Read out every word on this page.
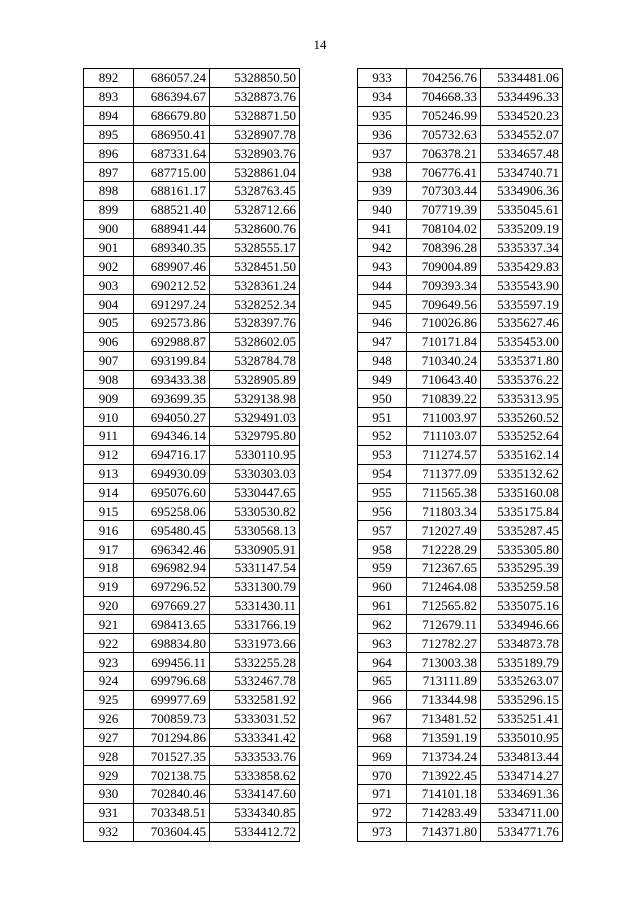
14
892	686057.24	5328850.50
893	686394.67	5328873.76
894	686679.80	5328871.50
895	686950.41	5328907.78
896	687331.64	5328903.76
897	687715.00	5328861.04
898	688161.17	5328763.45
899	688521.40	5328712.66
900	688941.44	5328600.76
901	689340.35	5328555.17
902	689907.46	5328451.50
903	690212.52	5328361.24
904	691297.24	5328252.34
905	692573.86	5328397.76
906	692988.87	5328602.05
907	693199.84	5328784.78
908	693433.38	5328905.89
909	693699.35	5329138.98
910	694050.27	5329491.03
911	694346.14	5329795.80
912	694716.17	5330110.95
913	694930.09	5330303.03
914	695076.60	5330447.65
915	695258.06	5330530.82
916	695480.45	5330568.13
917	696342.46	5330905.91
918	696982.94	5331147.54
919	697296.52	5331300.79
920	697669.27	5331430.11
921	698413.65	5331766.19
922	698834.80	5331973.66
923	699456.11	5332255.28
924	699796.68	5332467.78
925	699977.69	5332581.92
926	700859.73	5333031.52
927	701294.86	5333341.42
928	701527.35	5333533.76
929	702138.75	5333858.62
930	702840.46	5334147.60
931	703348.51	5334340.85
932	703604.45	5334412.72
933	704256.76	5334481.06
934	704668.33	5334496.33
935	705246.99	5334520.23
936	705732.63	5334552.07
937	706378.21	5334657.48
938	706776.41	5334740.71
939	707303.44	5334906.36
940	707719.39	5335045.61
941	708104.02	5335209.19
942	708396.28	5335337.34
943	709004.89	5335429.83
944	709393.34	5335543.90
945	709649.56	5335597.19
946	710026.86	5335627.46
947	710171.84	5335453.00
948	710340.24	5335371.80
949	710643.40	5335376.22
950	710839.22	5335313.95
951	711003.97	5335260.52
952	711103.07	5335252.64
953	711274.57	5335162.14
954	711377.09	5335132.62
955	711565.38	5335160.08
956	711803.34	5335175.84
957	712027.49	5335287.45
958	712228.29	5335305.80
959	712367.65	5335295.39
960	712464.08	5335259.58
961	712565.82	5335075.16
962	712679.11	5334946.66
963	712782.27	5334873.78
964	713003.38	5335189.79
965	713111.89	5335263.07
966	713344.98	5335296.15
967	713481.52	5335251.41
968	713591.19	5335010.95
969	713734.24	5334813.44
970	713922.45	5334714.27
971	714101.18	5334691.36
972	714283.49	5334711.00
973	714371.80	5334771.76
